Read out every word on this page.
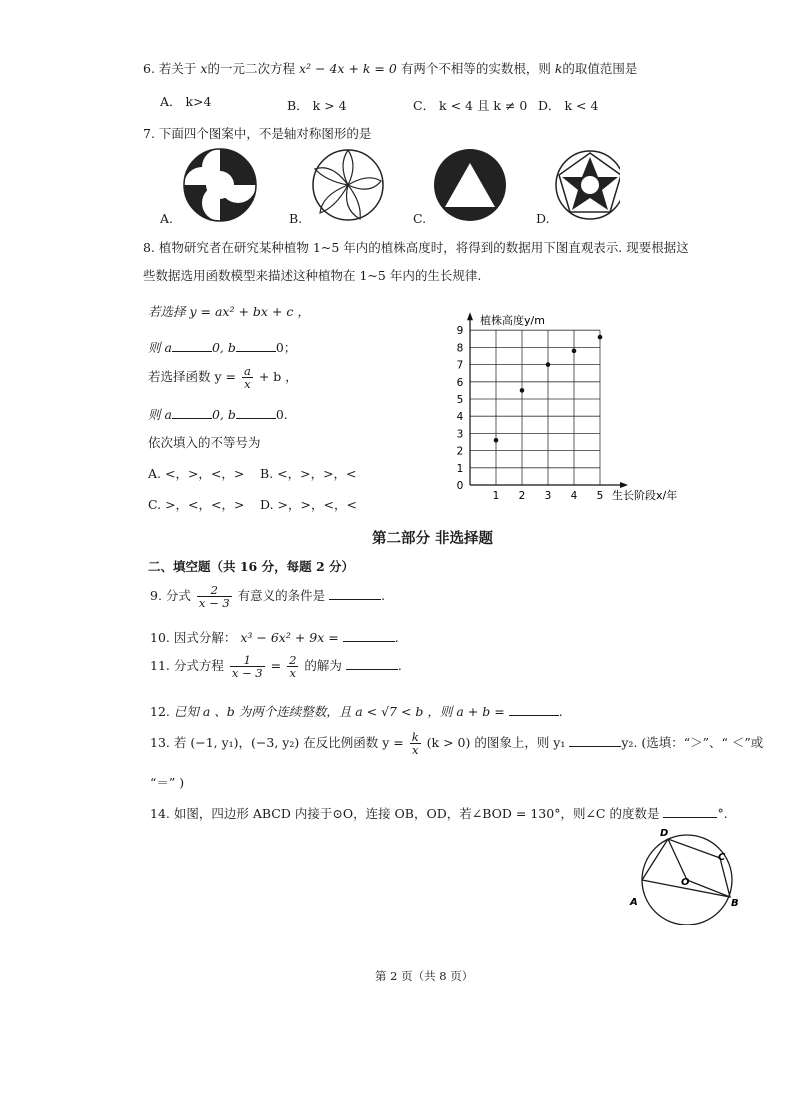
6. 若关于 x的一元二次方程 x² − 4x + k = 0 有两个不相等的实数根，则 k的取值范围是
A． k>4	B． k > 4	C． k < 4 且 k ≠ 0 D． k < 4
7. 下面四个图案中，不是轴对称图形的是
A.	B.	C.	D.
8. 植物研究者在研究某种植物 1~5 年内的植株高度时，将得到的数据用下图直观表示. 现要根据这
些数据选用函数模型来描述这种植物在 1~5 年内的生长规律.
若选择 y = ax² + bx + c ，
则 a	0, b	0；
若选择函数 $y = \frac{a}{x} + b$ ，
则 a	0, b	0.
依次填入的不等号为
A. <，>，<，> B. <，>，>，<
C. >，<，<，> D. >，>，<，<
1 2 3 4 5
0
1
2
3
4
5
6
7
8
9
植株高度y/m
生长阶段x/年
第二部分 非选择题
二、填空题（共 16 分，每题 2 分）
9. 分式 $\frac{2}{x - 3}$ 有意义的条件是	.
10. 因式分解： x³ − 6x² + 9x =	.
11. 分式方程 $\frac{1}{x - 3} = \frac{2}{x}$ 的解为	.
12. 已知 a 、b 为两个连续整数，且 a < √7 < b ，则 a + b =	.
13. 若 (−1, y₁)，(−3, y₂) 在反比例函数 $y = \frac{k}{x} (k > 0)$ 的图象上，则 y₁	y₂. (选填：“＞”、“ ＜”或
“＝” )
14. 如图，四边形 ABCD 内接于⊙O，连接 OB，OD，若∠BOD = 130°，则∠C 的度数是	°.
A	B
C
D
O
第 2 页（共 8 页）
